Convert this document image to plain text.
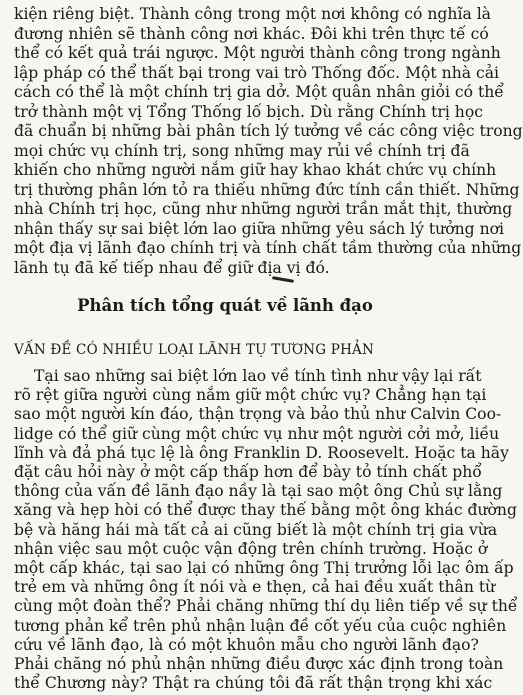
kiện riêng biệt. Thành công trong một nơi không có nghĩa là
đương nhiên sẽ thành công nơi khác. Đôi khi trên thực tế có
thể có kết quả trái ngược. Một người thành công trong ngành
lập pháp có thể thất bại trong vai trò Thống đốc. Một nhà cải
cách có thể là một chính trị gia dở. Một quân nhân giỏi có thể
trở thành một vị Tổng Thống lố bịch. Dù rằng Chính trị học
đã chuẩn bị những bài phân tích lý tưởng về các công việc trong
mọi chức vụ chính trị, song những may rủi về chính trị đã
khiến cho những người nắm giữ hay khao khát chức vụ chính
trị thường phân lớn tỏ ra thiếu những đức tính cần thiết. Những
nhà Chính trị học, cũng như những người trần mắt thịt, thường
nhận thấy sự sai biệt lớn lao giữa những yêu sách lý tưởng nơi
một địa vị lãnh đạo chính trị và tính chất tầm thường của những
lãnh tụ đã kế tiếp nhau để giữ địa vị đó.
Phân tích tổng quát về lãnh đạo
VẤN ĐỀ CÓ NHIỀU LOẠI LÃNH TỤ TƯƠNG PHẢN
Tại sao những sai biệt lớn lao về tính tình như vậy lại rất
rõ rệt giữa người cùng nắm giữ một chức vụ? Chẳng hạn tại
sao một người kín đáo, thận trọng và bảo thủ như Calvin Coo-
lidge có thể giữ cùng một chức vụ như một người cởi mở, liều
lĩnh và đả phá tục lệ là ông Franklin D. Roosevelt. Hoặc ta hãy
đặt câu hỏi này ở một cấp thấp hơn để bày tỏ tính chất phổ
thông của vấn đề lãnh đạo nầy là tại sao một ông Chủ sự lằng
xăng và hẹp hòi có thể được thay thế bằng một ông khác đường
bệ và hăng hái mà tất cả ai cũng biết là một chính trị gia vừa
nhận việc sau một cuộc vận động trên chính trường. Hoặc ở
một cấp khác, tại sao lại có những ông Thị trưởng lỗi lạc ôm ấp
trẻ em và những ông ít nói và e thẹn, cả hai đều xuất thân từ
cùng một đoàn thể? Phải chăng những thí dụ liên tiếp về sự thể
tương phản kể trên phủ nhận luận đề cốt yếu của cuộc nghiên
cứu về lãnh đạo, là có một khuôn mẫu cho người lãnh đạo?
Phải chăng nó phủ nhận những điều được xác định trong toàn
thể Chương này? Thật ra chúng tôi đã rất thận trọng khi xác
